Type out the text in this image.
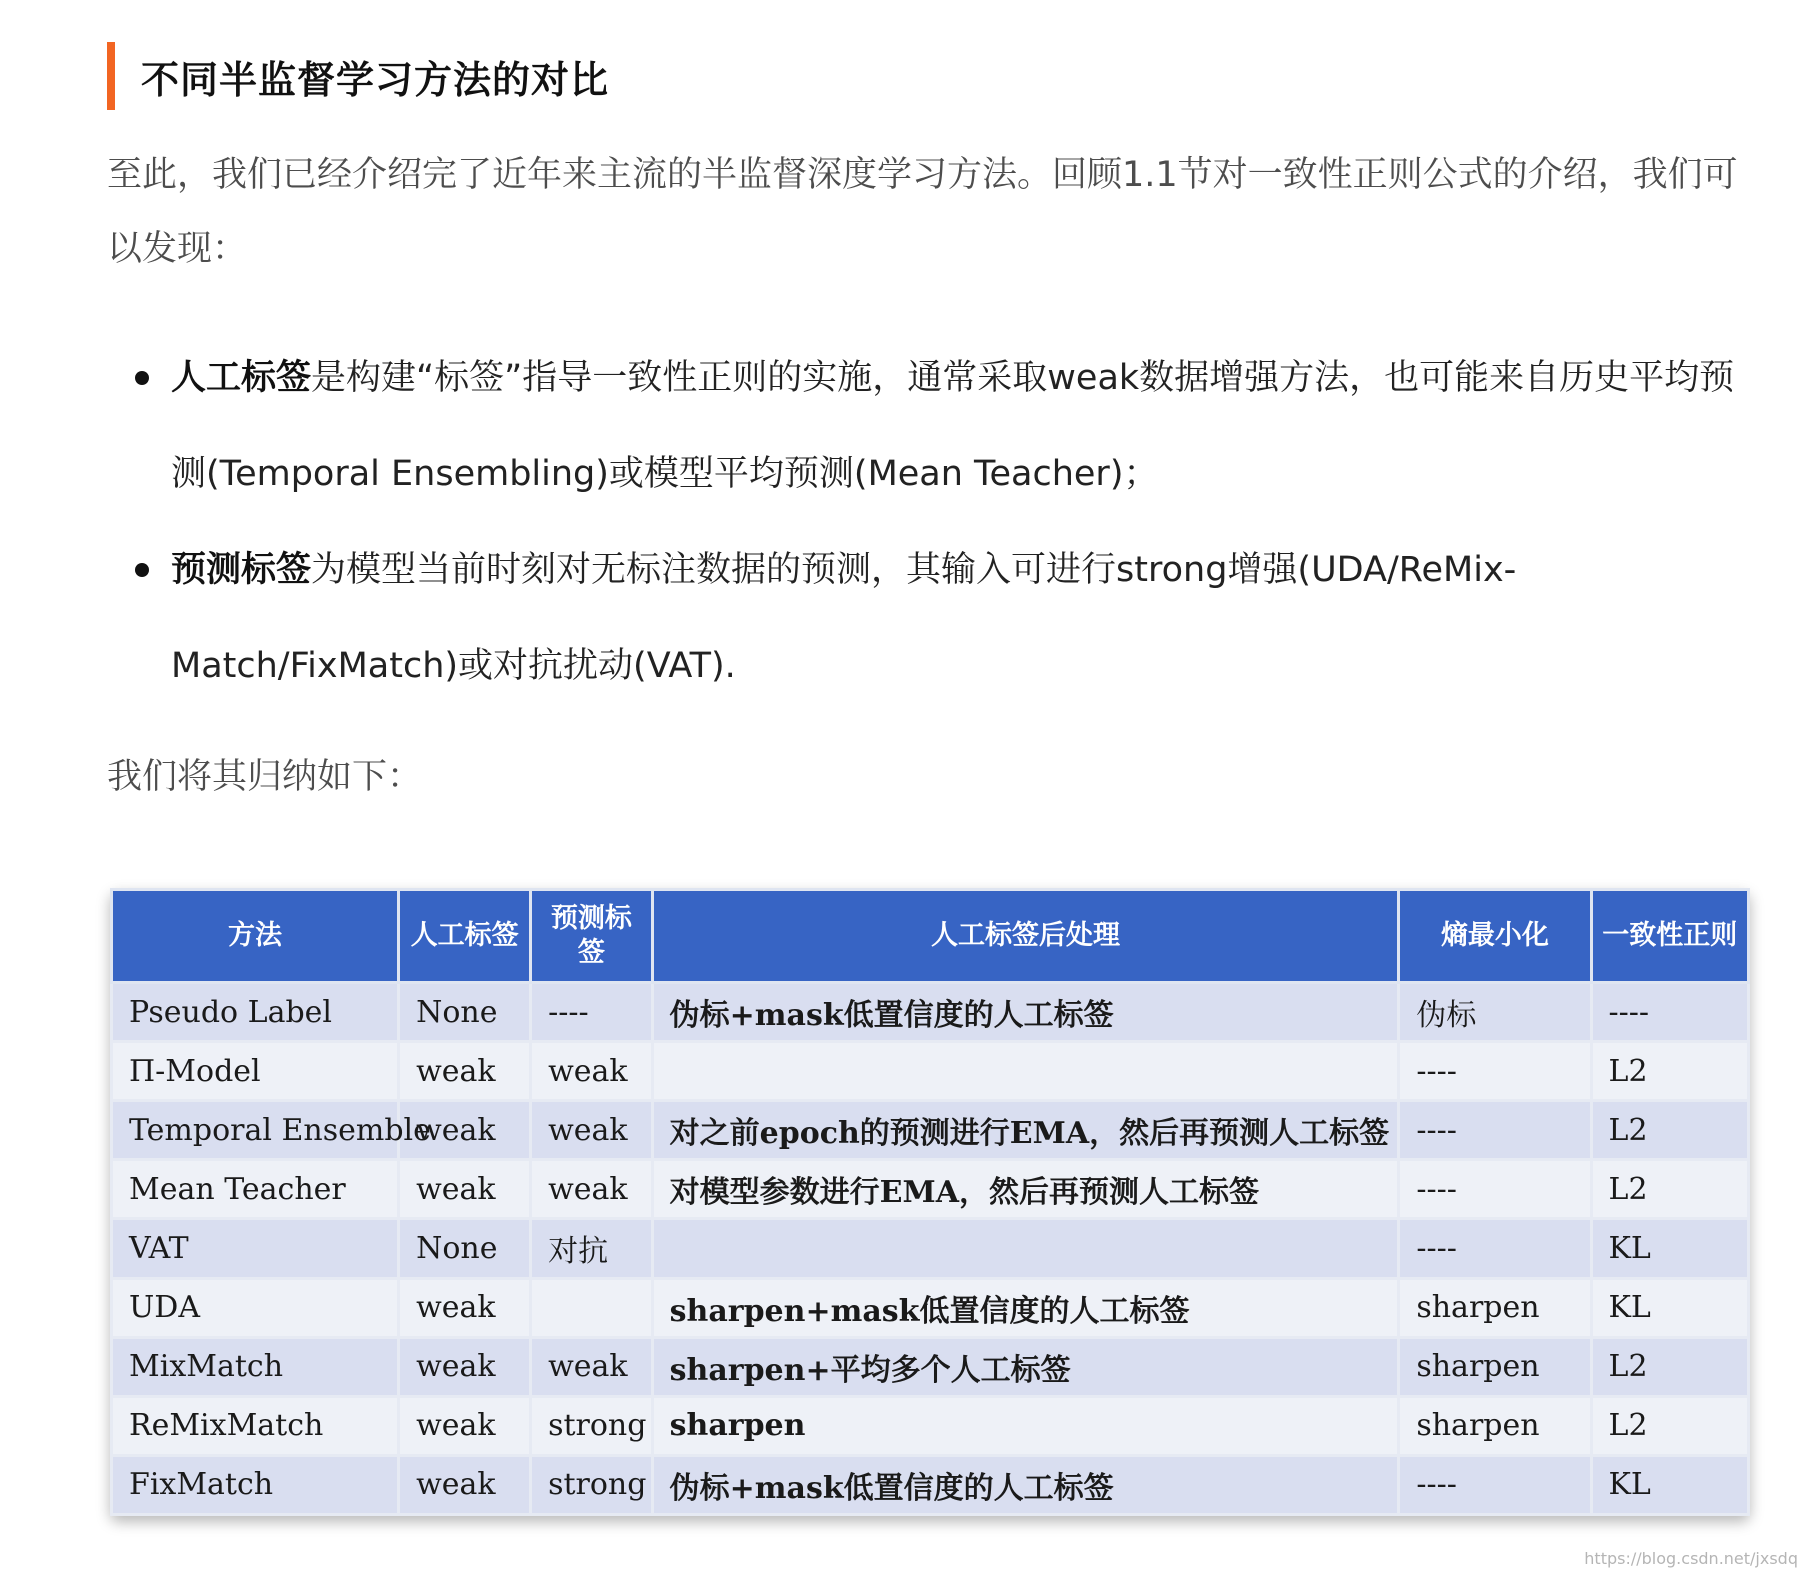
不同半监督学习方法的对比

至此，我们已经介绍完了近年来主流的半监督深度学习方法。回顾1.1节对一致性正则公式的介绍，我们可以发现：

人工标签是构建“标签”指导一致性正则的实施，通常采取weak数据增强方法，也可能来自历史平均预测(Temporal Ensembling)或模型平均预测(Mean Teacher)；
预测标签为模型当前时刻对无标注数据的预测，其输入可进行strong增强(UDA/ReMix-Match/FixMatch)或对抗扰动(VAT).

我们将其归纳如下：

方法	人工标签	预测标签	人工标签后处理	熵最小化	一致性正则
Pseudo Label	None	----	伪标+mask低置信度的人工标签	伪标	----
Π-Model	weak	weak		----	L2
Temporal Ensemble	weak	weak	对之前epoch的预测进行EMA，然后再预测人工标签	----	L2
Mean Teacher	weak	weak	对模型参数进行EMA，然后再预测人工标签	----	L2
VAT	None	对抗		----	KL
UDA	weak		sharpen+mask低置信度的人工标签	sharpen	KL
MixMatch	weak	weak	sharpen+平均多个人工标签	sharpen	L2
ReMixMatch	weak	strong	sharpen	sharpen	L2
FixMatch	weak	strong	伪标+mask低置信度的人工标签	----	KL
https://blog.csdn.net/jxsdq
